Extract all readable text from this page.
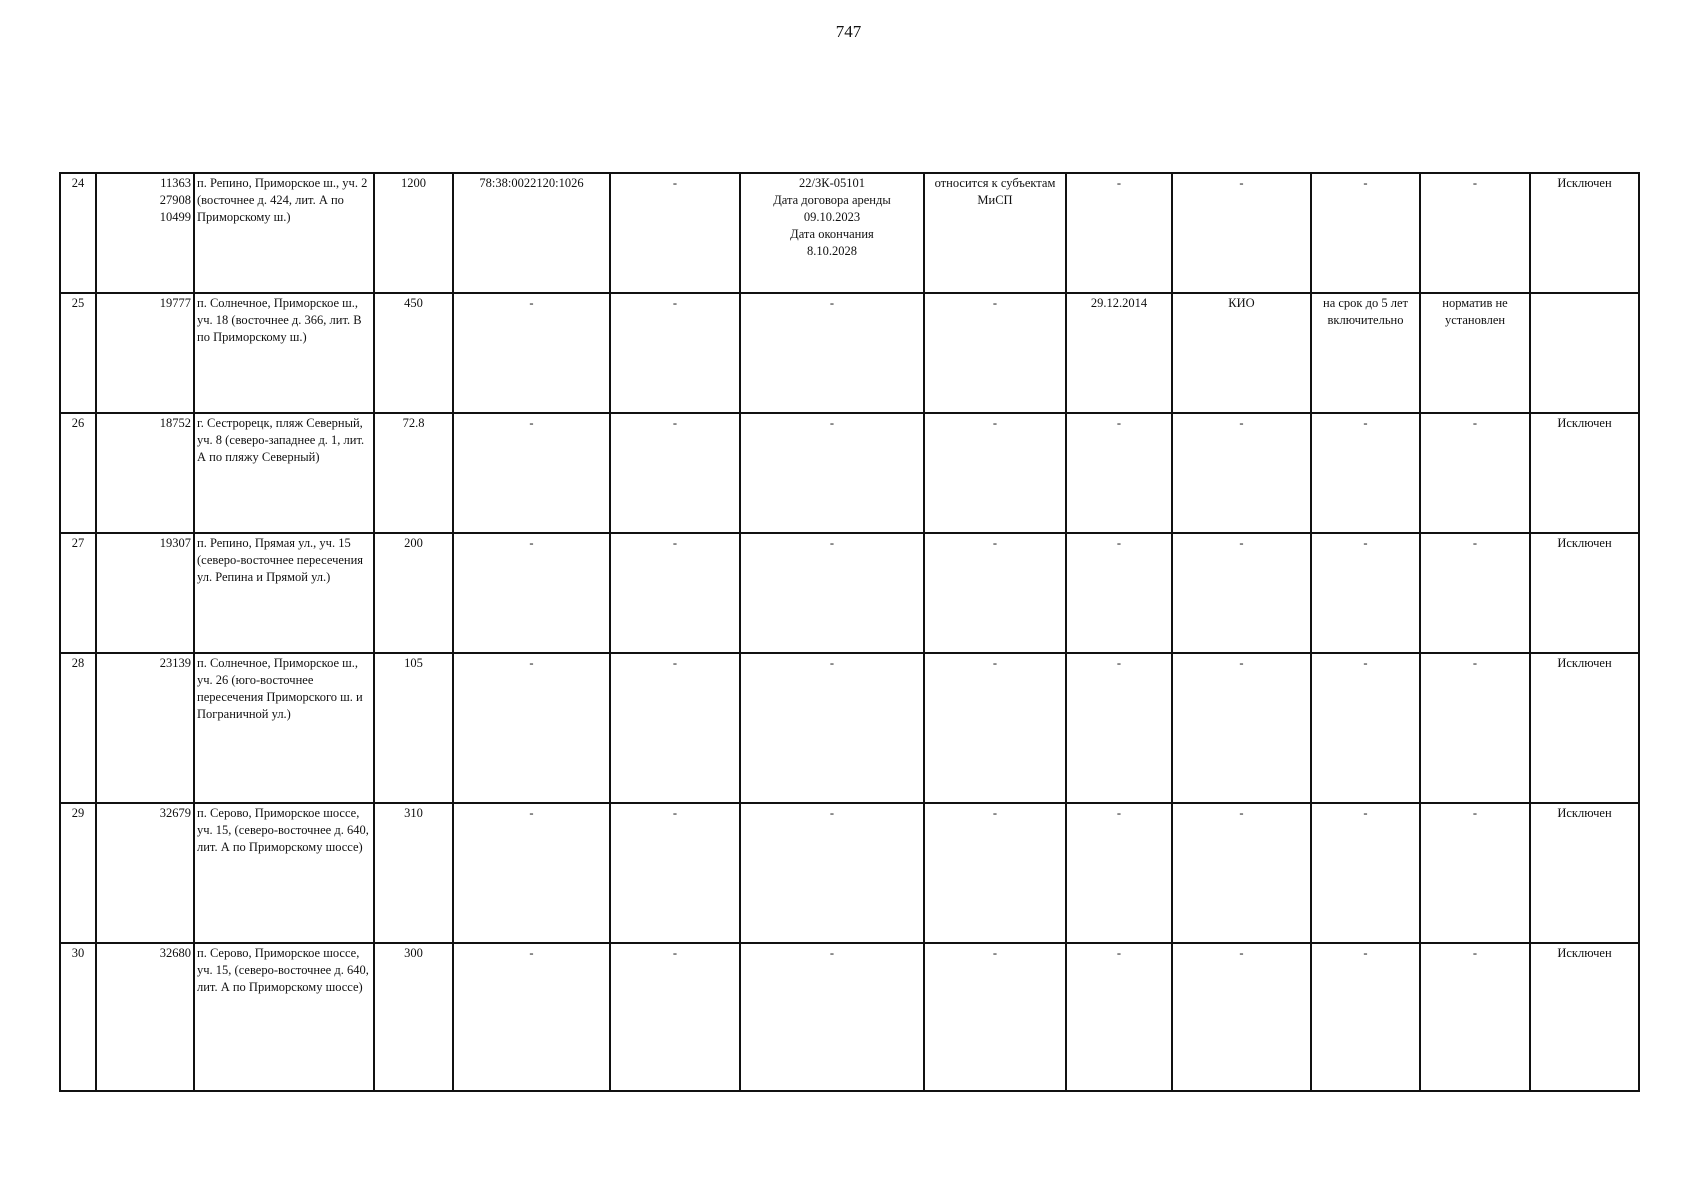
747
24	11363
27908
10499	п. Репино, Приморское ш., уч. 2 (восточнее д. 424, лит. А по Приморскому ш.)	1200	78:38:0022120:1026	-	22/ЗК-05101
Дата договора аренды
09.10.2023
Дата окончания
8.10.2028	относится к субъектам МиСП	-	-	-	-	Исключен
25	19777	п. Солнечное, Приморское ш., уч. 18 (восточнее д. 366, лит. В по Приморскому ш.)	450	-	-	-	-	29.12.2014	КИО	на срок до 5 лет включительно	норматив не установлен	
26	18752	г. Сестрорецк, пляж Северный, уч. 8 (северо-западнее д. 1, лит. А по пляжу Северный)	72.8	-	-	-	-	-	-	-	-	Исключен
27	19307	п. Репино, Прямая ул., уч. 15 (северо-восточнее пересечения ул. Репина и Прямой ул.)	200	-	-	-	-	-	-	-	-	Исключен
28	23139	п. Солнечное, Приморское ш., уч. 26 (юго-восточнее пересечения Приморского ш. и Пограничной ул.)	105	-	-	-	-	-	-	-	-	Исключен
29	32679	п. Серово, Приморское шоссе, уч. 15, (северо-восточнее д. 640, лит. А по Приморскому шоссе)	310	-	-	-	-	-	-	-	-	Исключен
30	32680	п. Серово, Приморское шоссе, уч. 15, (северо-восточнее д. 640, лит. А по Приморскому шоссе)	300	-	-	-	-	-	-	-	-	Исключен
